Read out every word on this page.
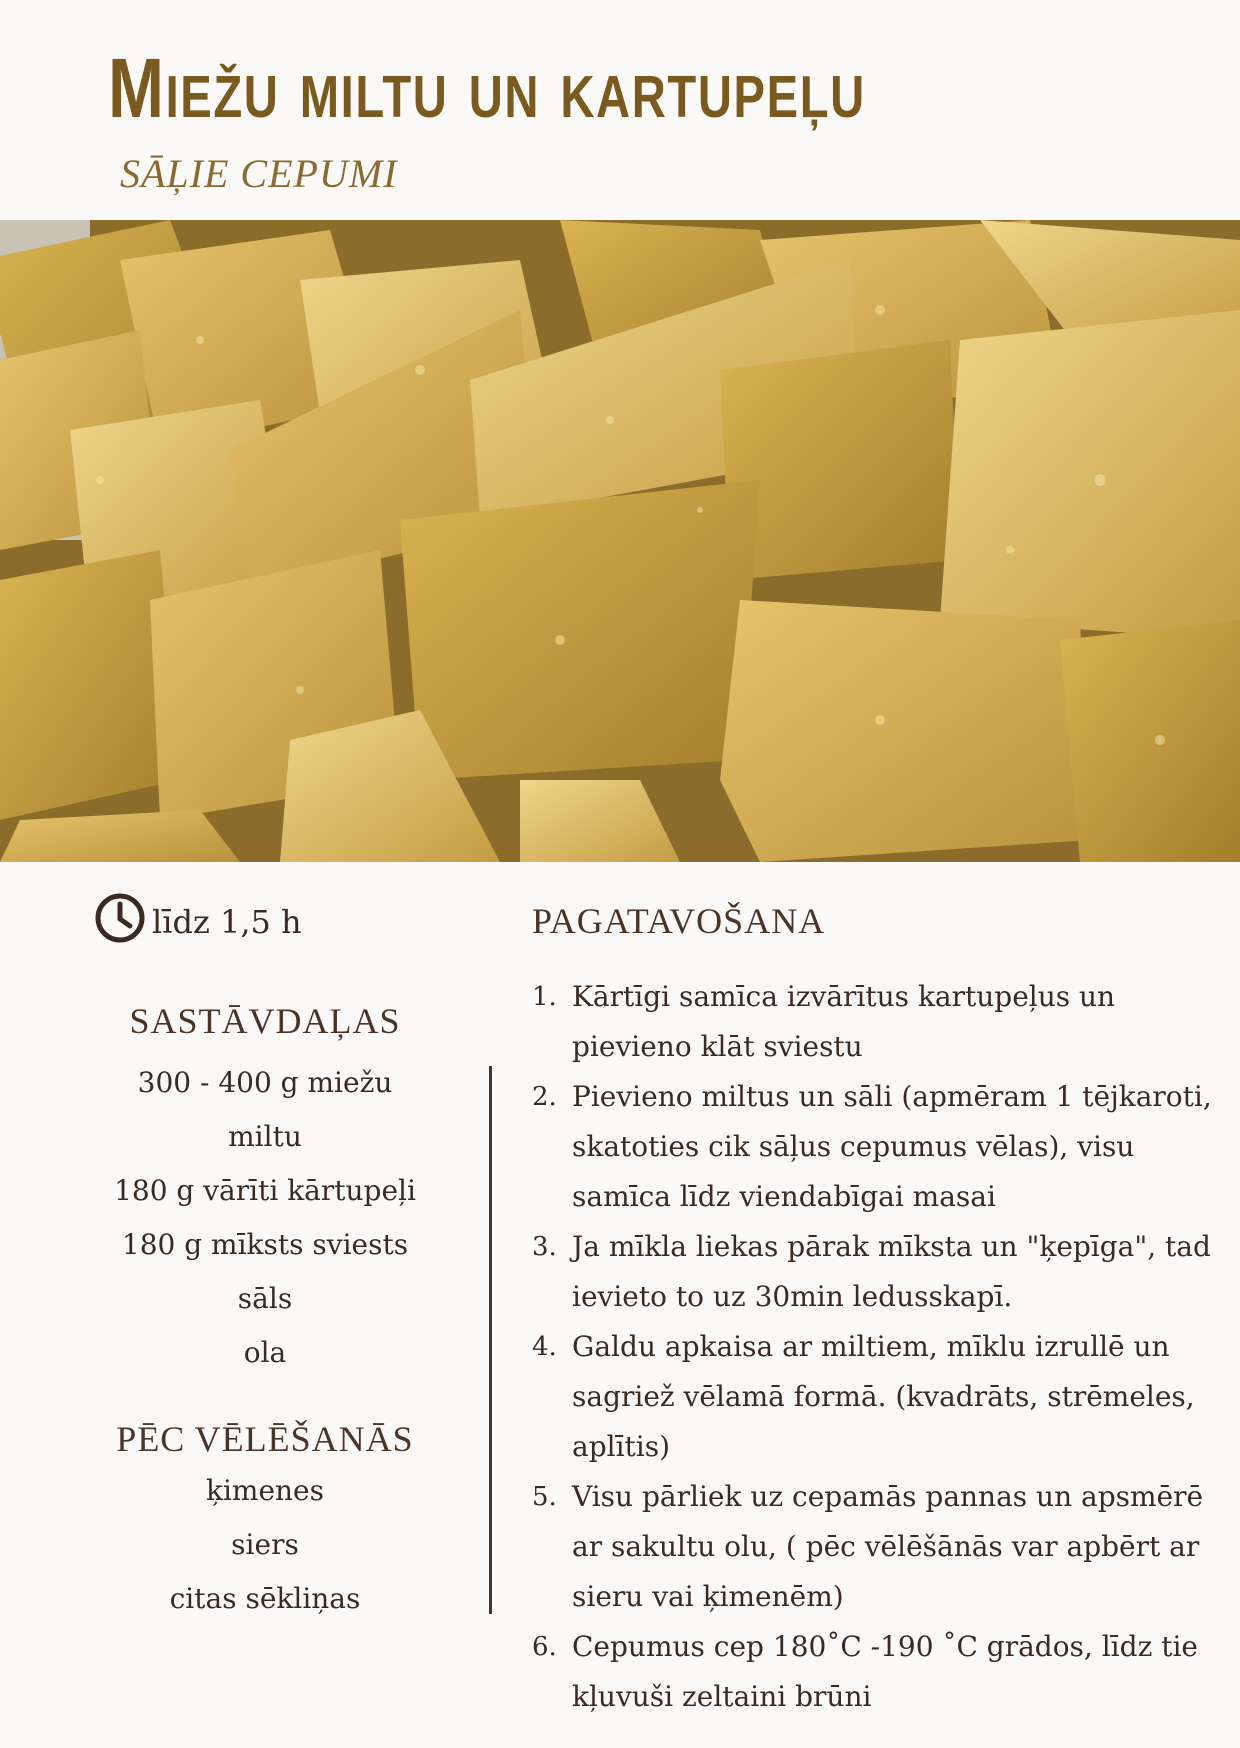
Miežu miltu un kartupeļu
SĀĻIE CEPUMI
līdz 1,5 h
SASTĀVDAĻAS
300 - 400 g miežu miltu
180 g vārīti kārtupeļi
180 g mīksts sviests
sāls
ola
PĒC VĒLĒŠANĀS
ķimenes
siers
citas sēkliņas
PAGATAVOŠANA
1. Kārtīgi samīca izvārītus kartupeļus un pievieno klāt sviestu
2. Pievieno miltus un sāli (apmēram 1 tējkaroti, skatoties cik sāļus cepumus vēlas), visu samīca līdz viendabīgai masai
3. Ja mīkla liekas pārak mīksta un "ķepīga", tad ievieto to uz 30min ledusskapī.
4. Galdu apkaisa ar miltiem, mīklu izrullē un sagriež vēlamā formā. (kvadrāts, strēmeles, aplītis)
5. Visu pārliek uz cepamās pannas un apsmērē ar sakultu olu, ( pēc vēlēšānās var apbērt ar sieru vai ķimenēm)
6. Cepumus cep 180˚C -190 ˚C grādos, līdz tie kļuvuši zeltaini brūni
